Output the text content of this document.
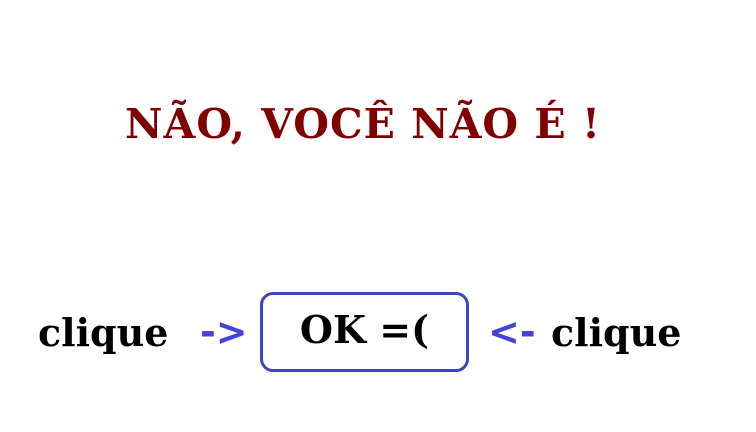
NÃO, VOCÊ NÃO É !
clique ->	OK =(	<- clique
